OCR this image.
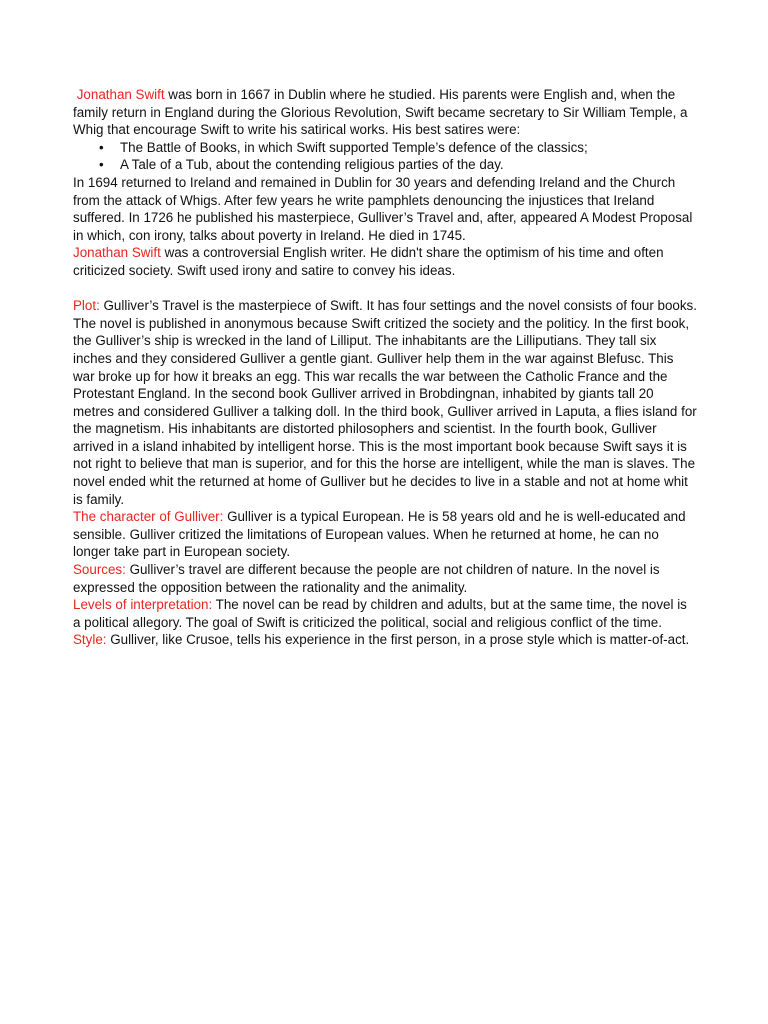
Jonathan Swift was born in 1667 in Dublin where he studied. His parents were English and, when the family return in England during the Glorious Revolution, Swift became secretary to Sir William Temple, a Whig that encourage Swift to write his satirical works. His best satires were:

• The Battle of Books, in which Swift supported Temple’s defence of the classics;
• A Tale of a Tub, about the contending religious parties of the day.

In 1694 returned to Ireland and remained in Dublin for 30 years and defending Ireland and the Church from the attack of Whigs. After few years he write pamphlets denouncing the injustices that Ireland suffered. In 1726 he published his masterpiece, Gulliver’s Travel and, after, appeared A Modest Proposal in which, con irony, talks about poverty in Ireland. He died in 1745.

Jonathan Swift was a controversial English writer. He didn't share the optimism of his time and often criticized society. Swift used irony and satire to convey his ideas.

Plot: Gulliver’s Travel is the masterpiece of Swift. It has four settings and the novel consists of four books. The novel is published in anonymous because Swift critized the society and the politicy. In the first book, the Gulliver’s ship is wrecked in the land of Lilliput. The inhabitants are the Lilliputians. They tall six inches and they considered Gulliver a gentle giant. Gulliver help them in the war against Blefusc. This war broke up for how it breaks an egg. This war recalls the war between the Catholic France and the Protestant England. In the second book Gulliver arrived in Brobdingnan, inhabited by giants tall 20 metres and considered Gulliver a talking doll. In the third book, Gulliver arrived in Laputa, a flies island for the magnetism. His inhabitants are distorted philosophers and scientist. In the fourth book, Gulliver arrived in a island inhabited by intelligent horse. This is the most important book because Swift says it is not right to believe that man is superior, and for this the horse are intelligent, while the man is slaves. The novel ended whit the returned at home of Gulliver but he decides to live in a stable and not at home whit is family.

The character of Gulliver: Gulliver is a typical European. He is 58 years old and he is well-educated and sensible. Gulliver critized the limitations of European values. When he returned at home, he can no longer take part in European society.

Sources: Gulliver’s travel are different because the people are not children of nature. In the novel is expressed the opposition between the rationality and the animality.

Levels of interpretation: The novel can be read by children and adults, but at the same time, the novel is a political allegory. The goal of Swift is criticized the political, social and religious conflict of the time.

Style: Gulliver, like Crusoe, tells his experience in the first person, in a prose style which is matter-of-act.
